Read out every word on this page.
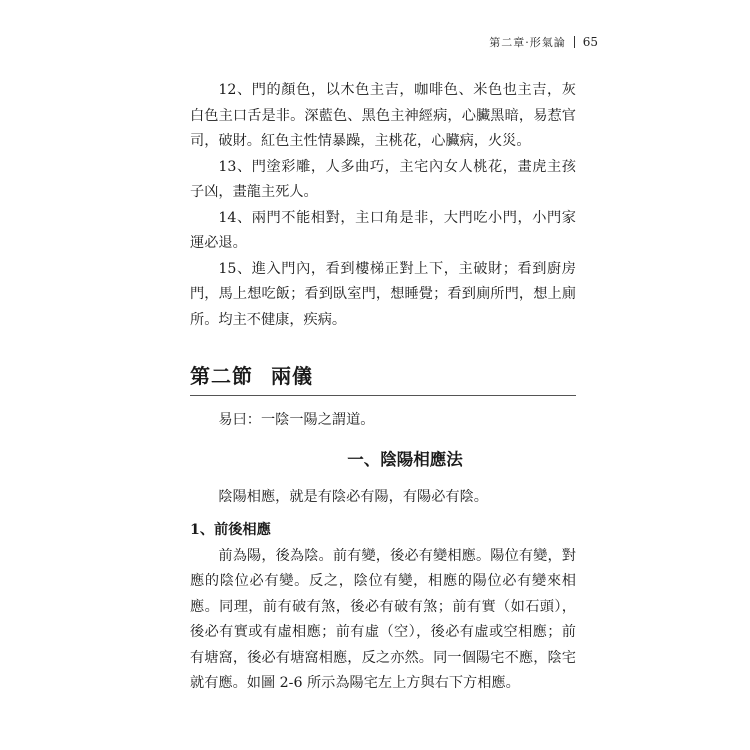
第二章·形氣論 65

12、門的顏色，以木色主吉，咖啡色、米色也主吉，灰白色主口舌是非。深藍色、黑色主神經病，心臟黑暗，易惹官司，破財。紅色主性情暴躁，主桃花，心臟病，火災。

13、門塗彩雕，人多曲巧，主宅內女人桃花，畫虎主孩子凶，畫龍主死人。

14、兩門不能相對，主口角是非，大門吃小門，小門家運必退。

15、進入門內，看到樓梯正對上下，主破財；看到廚房門，馬上想吃飯；看到臥室門，想睡覺；看到廁所門，想上廁所。均主不健康，疾病。

第二節 兩儀

易曰：一陰一陽之謂道。

一、陰陽相應法

陰陽相應，就是有陰必有陽，有陽必有陰。

1、前後相應

前為陽，後為陰。前有變，後必有變相應。陽位有變，對應的陰位必有變。反之，陰位有變，相應的陽位必有變來相應。同理，前有破有煞，後必有破有煞；前有實（如石頭），後必有實或有虛相應；前有虛（空），後必有虛或空相應；前有塘窩，後必有塘窩相應，反之亦然。同一個陽宅不應，陰宅就有應。如圖 2-6 所示為陽宅左上方與右下方相應。
